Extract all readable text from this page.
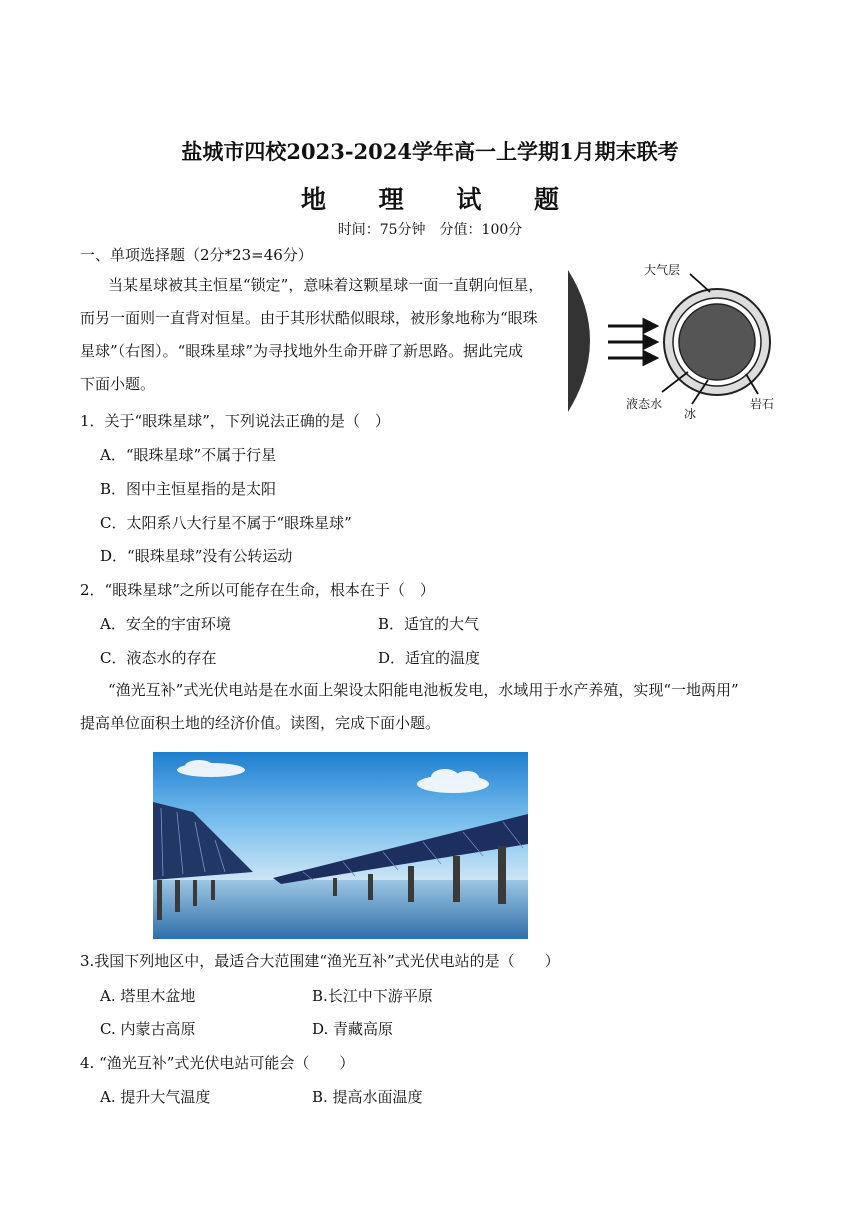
盐城市四校2023-2024学年高一上学期1月期末联考
地 理 试 题
时间：75分钟　分值：100分
一、单项选择题（2分*23=46分）
当某星球被其主恒星“锁定”，意味着这颗星球一面一直朝向恒星，
而另一面则一直背对恒星。由于其形状酷似眼球，被形象地称为“眼珠
星球”（右图）。“眼珠星球”为寻找地外生命开辟了新思路。据此完成
下面小题。
大气层
液态水
冰
岩石
1．关于“眼珠星球”，下列说法正确的是（　）
A．“眼珠星球”不属于行星
B．图中主恒星指的是太阳
C．太阳系八大行星不属于“眼珠星球”
D．“眼珠星球”没有公转运动
2．“眼珠星球”之所以可能存在生命，根本在于（　）
A．安全的宇宙环境	B．适宜的大气
C．液态水的存在	D．适宜的温度
“渔光互补”式光伏电站是在水面上架设太阳能电池板发电，水域用于水产养殖，实现“一地两用”
提高单位面积土地的经济价值。读图，完成下面小题。
3.我国下列地区中，最适合大范围建“渔光互补”式光伏电站的是（　　）
A. 塔里木盆地	B.长江中下游平原
C. 内蒙古高原	D. 青藏高原
4. “渔光互补”式光伏电站可能会（　　）
A. 提升大气温度	B. 提高水面温度
